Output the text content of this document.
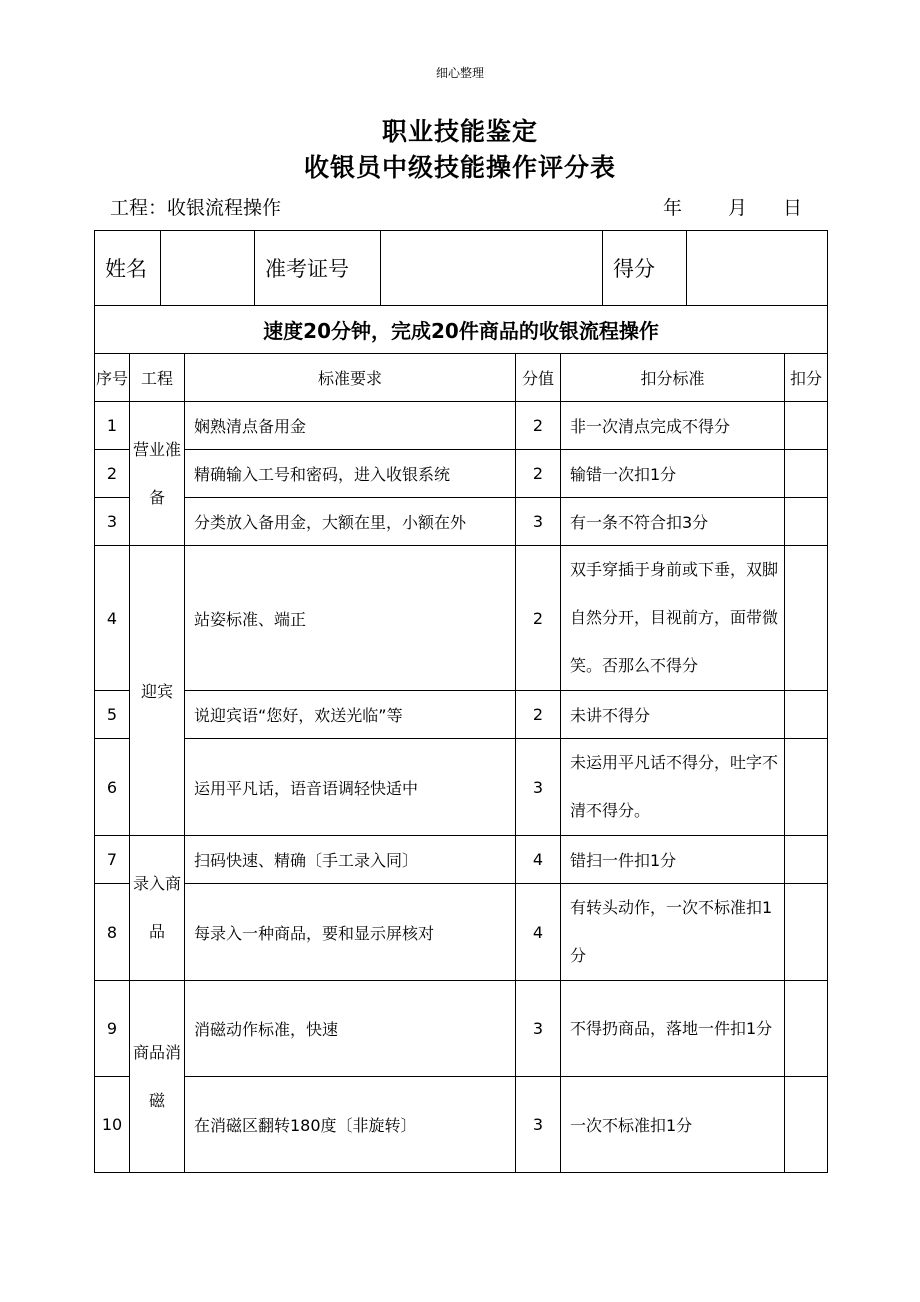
细心整理
职业技能鉴定
收银员中级技能操作评分表
工程：收银流程操作	年 月 日
姓名		准考证号		得分	
速度20分钟，完成20件商品的收银流程操作					
序号	工程	标准要求	分值	扣分标准	扣分
1	营业准备	娴熟清点备用金	2	非一次清点完成不得分	
2		精确输入工号和密码，进入收银系统	2	输错一次扣1分	
3		分类放入备用金，大额在里，小额在外	3	有一条不符合扣3分	
4	迎宾	站姿标准、端正	2	双手穿插于身前或下垂，双脚自然分开，目视前方，面带微笑。否那么不得分	
5		说迎宾语“您好，欢送光临”等	2	未讲不得分	
6		运用平凡话，语音语调轻快适中	3	未运用平凡话不得分，吐字不清不得分。	
7	录入商品	扫码快速、精确〔手工录入同〕	4	错扫一件扣1分	
8		每录入一种商品，要和显示屏核对	4	有转头动作，一次不标准扣1分	
9	商品消磁	消磁动作标准，快速	3	不得扔商品，落地一件扣1分	
10		在消磁区翻转180度〔非旋转〕	3	一次不标准扣1分	
